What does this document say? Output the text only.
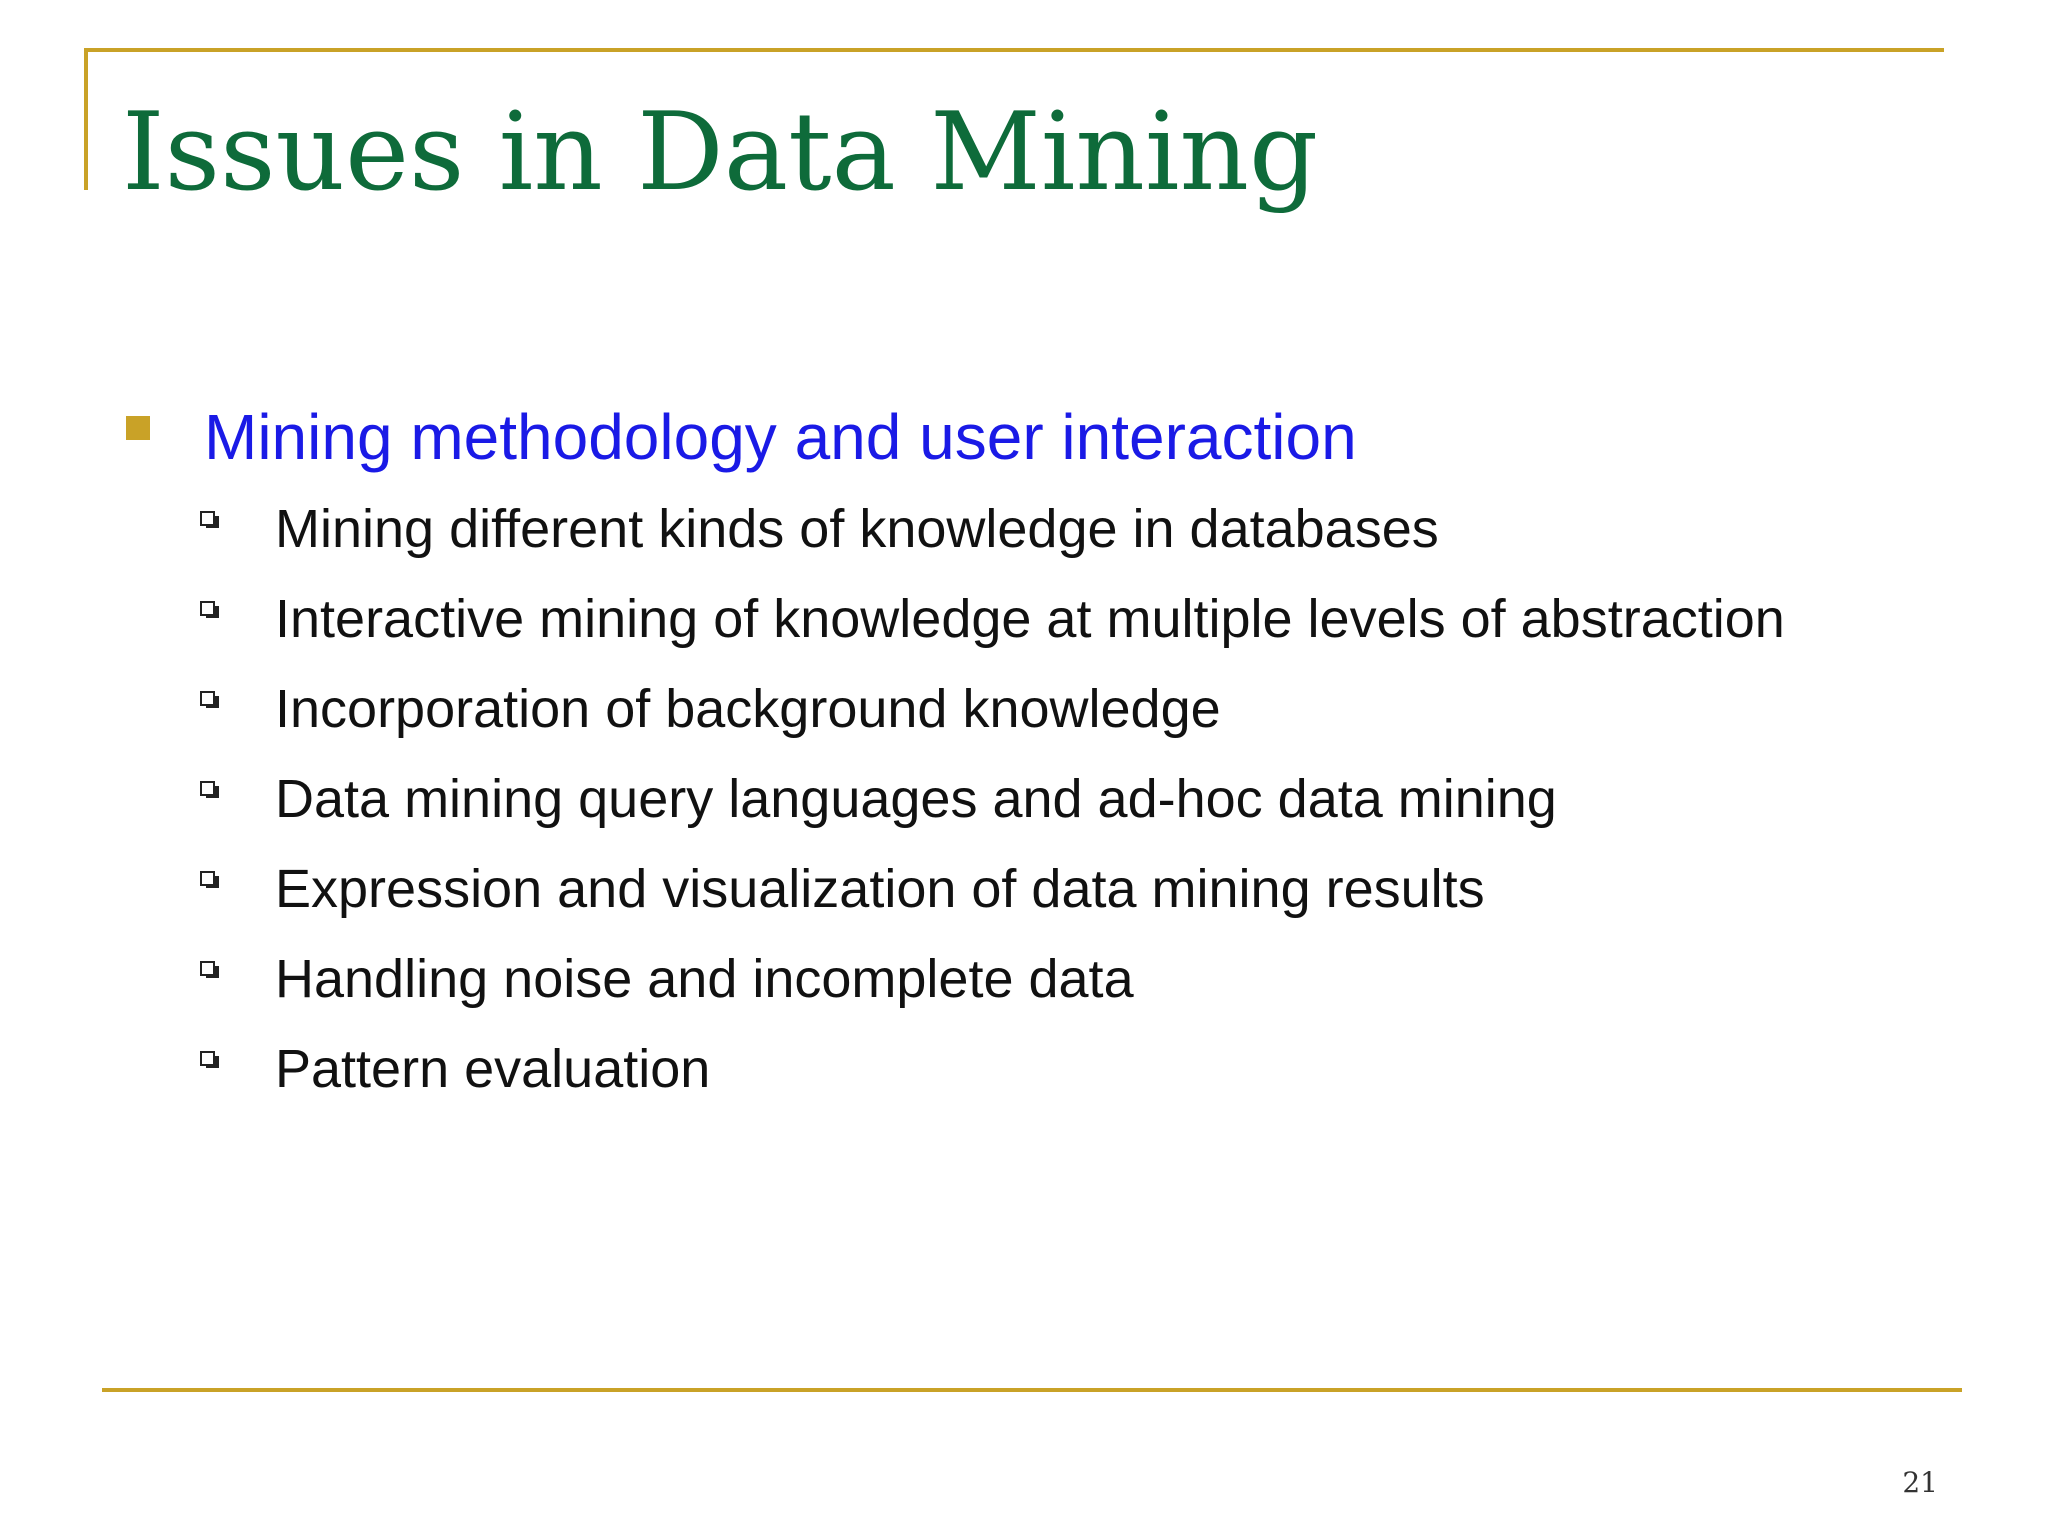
Issues in Data Mining
Mining methodology and user interaction
Mining different kinds of knowledge in databases
Interactive mining of knowledge at multiple levels of abstraction
Incorporation of background knowledge
Data mining query languages and ad-hoc data mining
Expression and visualization of data mining results
Handling noise and incomplete data
Pattern evaluation
21
